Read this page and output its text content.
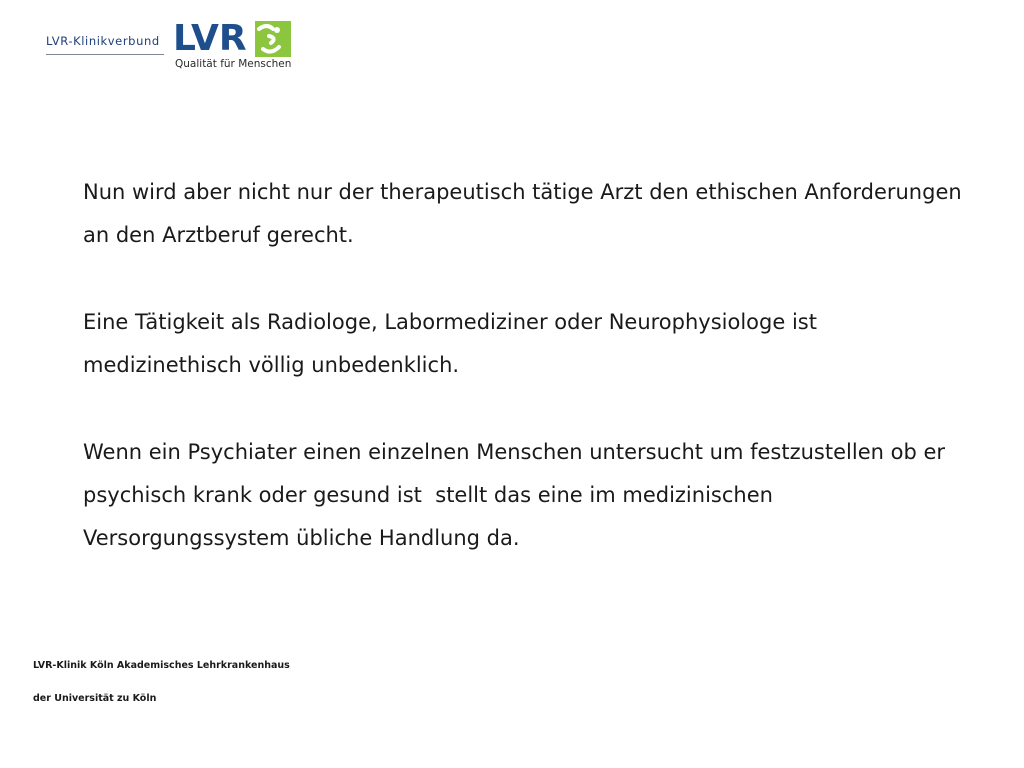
LVR-Klinikverbund LVR
Qualität für Menschen

Nun wird aber nicht nur der therapeutisch tätige Arzt den ethischen Anforderungen an den Arztberuf gerecht.

Eine Tätigkeit als Radiologe, Labormediziner oder Neurophysiologe ist medizinethisch völlig unbedenklich.

Wenn ein Psychiater einen einzelnen Menschen untersucht um festzustellen ob er psychisch krank oder gesund ist  stellt das eine im medizinischen Versorgungssystem übliche Handlung da.

LVR-Klinik Köln Akademisches Lehrkrankenhaus
der Universität zu Köln
